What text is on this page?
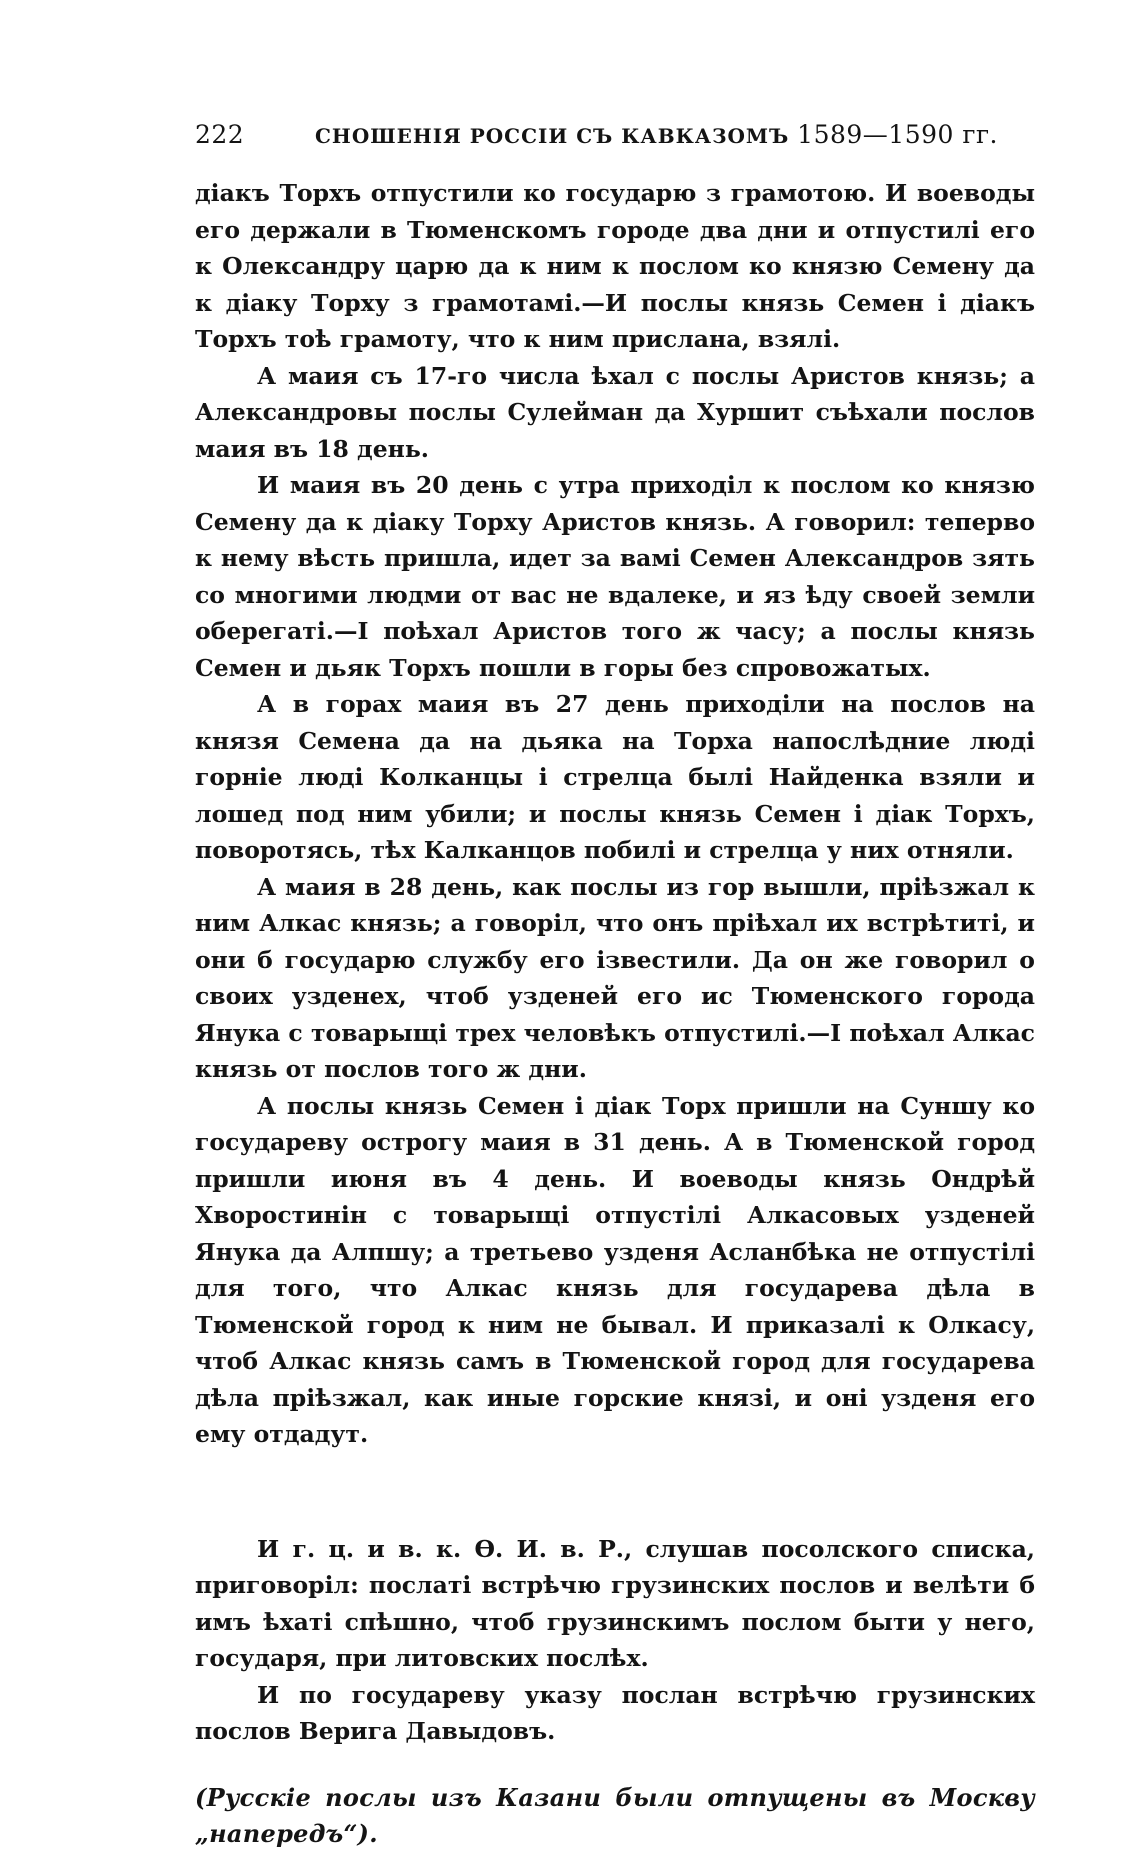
222	СНОШЕНІЯ РОССІИ СЪ КАВКАЗОМЪ 1589—1590 гг.

діакъ Торхъ отпустили ко государю з грамотою. И воеводы его держали в Тюменскомъ городе два дни и отпустилі его к Олександру царю да к ним к послом ко князю Семену да к діаку Торху з грамотамі.—И послы князь Семен і діакъ Торхъ тоѣ грамоту, что к ним прислана, взялі.

А маия съ 17-го числа ѣхал с послы Аристов князь; а Александровы послы Сулейман да Хуршит съѣхали послов маия въ 18 день.

И маия въ 20 день с утра приходіл к послом ко князю Семену да к діаку Торху Аристов князь. А говорил: теперво к нему вѣсть пришла, идет за вамі Семен Александров зять со многими людми от вас не вдалеке, и яз ѣду своей земли оберегаті.—І поѣхал Аристов того ж часу; а послы князь Семен и дьяк Торхъ пошли в горы без спровожатых.

А в горах маия въ 27 день приходіли на послов на князя Семена да на дьяка на Торха напослѣдние люді горніе люді Колканцы і стрелца былі Найденка взяли и лошед под ним убили; и послы князь Семен і діак Торхъ, поворотясь, тѣх Калканцов побилі и стрелца у них отняли.

А маия в 28 день, как послы из гор вышли, пріѣзжал к ним Алкас князь; а говоріл, что онъ пріѣхал их встрѣтиті, и они б государю службу его ізвестили. Да он же говорил о своих узденех, чтоб узденей его ис Тюменского города Янука с товарыщі трех человѣкъ отпустилі.—І поѣхал Алкас князь от послов того ж дни.

А послы князь Семен і діак Торх пришли на Суншу ко государеву острогу маия в 31 день. А в Тюменской город пришли июня въ 4 день. И воеводы князь Ондрѣй Хворостинін с товарыщі отпустілі Алкасовых узденей Янука да Алпшу; а третьево узденя Асланбѣка не отпустілі для того, что Алкас князь для государева дѣла в Тюменской город к ним не бывал. И приказалі к Олкасу, чтоб Алкас князь самъ в Тюменской город для государева дѣла пріѣзжал, как иные горские князі, и оні узденя его ему отдадут.

И г. ц. и в. к. Ѳ. И. в. Р., слушав посолского списка, приговоріл: послаті встрѣчю грузинских послов и велѣти б имъ ѣхаті спѣшно, чтоб грузинскимъ послом быти у него, государя, при литовских послѣх.

И по государеву указу послан встрѣчю грузинских послов Верига Давыдовъ.

(Русскіе послы изъ Казани были отпущены въ Москву „напередъ“).
